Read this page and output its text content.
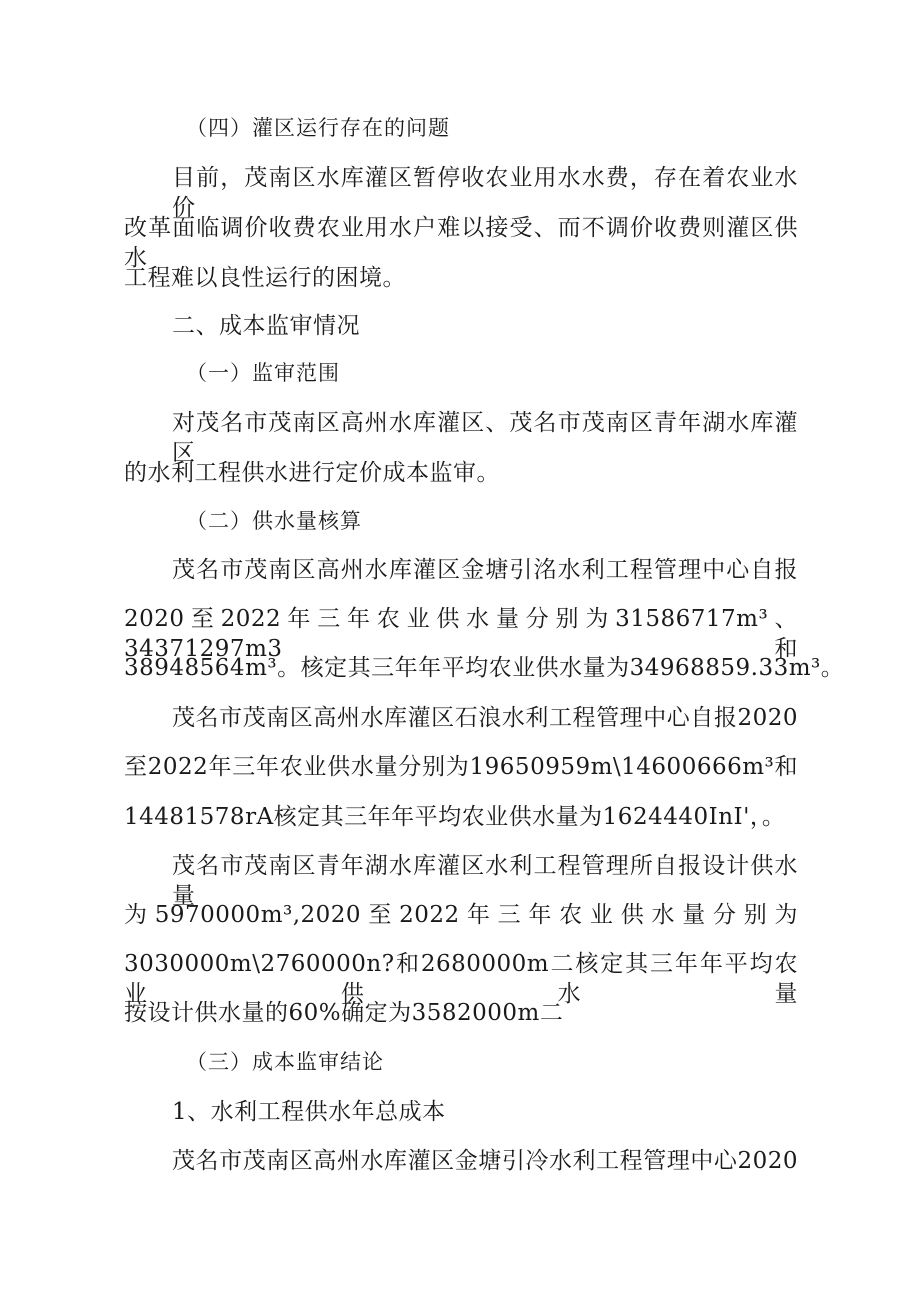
（四）灌区运行存在的问题
目前，茂南区水库灌区暂停收农业用水水费，存在着农业水价
改革面临调价收费农业用水户难以接受、而不调价收费则灌区供水
工程难以良性运行的困境。
二、成本监审情况
（一）监审范围
对茂名市茂南区高州水库灌区、茂名市茂南区青年湖水库灌区
的水利工程供水进行定价成本监审。
（二）供水量核算
茂名市茂南区高州水库灌区金塘引洺水利工程管理中心自报
2020至2022年三年农业供水量分别为31586717m³、34371297m3和
38948564m³。核定其三年年平均农业供水量为34968859.33m³。
茂名市茂南区高州水库灌区石浪水利工程管理中心自报2020
至2022年三年农业供水量分别为19650959m\14600666m³和
14481578rA核定其三年年平均农业供水量为1624440InI'，。
茂名市茂南区青年湖水库灌区水利工程管理所自报设计供水量
为5970000m³,2020至2022年三年农业供水量分别为
3030000m\2760000n?和2680000m二核定其三年年平均农业供水量
按设计供水量的60%确定为3582000m二
（三）成本监审结论
1、水利工程供水年总成本
茂名市茂南区高州水库灌区金塘引冷水利工程管理中心2020
